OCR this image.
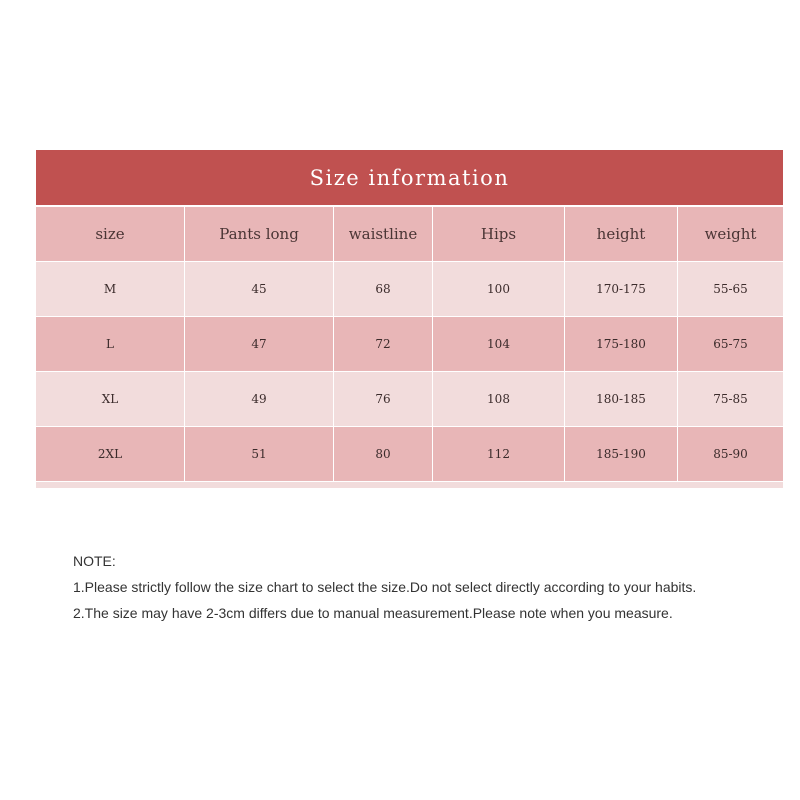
Size information
size	Pants long	waistline	Hips	height	weight
M	45	68	100	170-175	55-65
L	47	72	104	175-180	65-75
XL	49	76	108	180-185	75-85
2XL	51	80	112	185-190	85-90
NOTE:
1.Please strictly follow the size chart to select the size.Do not select directly according to your habits.
2.The size may have 2-3cm differs due to manual measurement.Please note when you measure.
